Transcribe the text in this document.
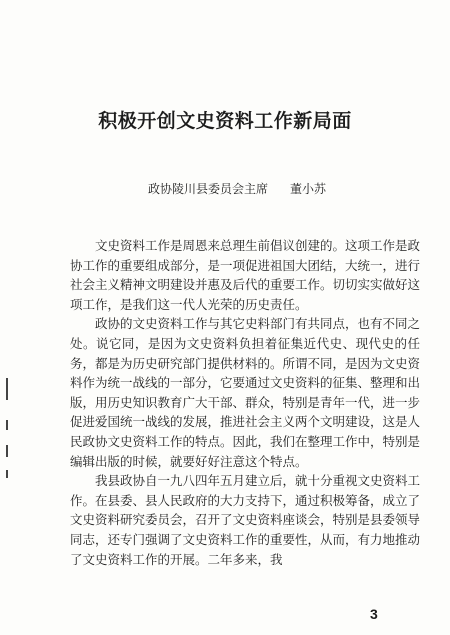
积极开创文史资料工作新局面
政协陵川县委员会主席 董小苏

文史资料工作是周恩来总理生前倡议创建的。这项工作是政协工作的重要组成部分，是一项促进祖国大团结，大统一，进行社会主义精神文明建设并惠及后代的重要工作。切切实实做好这项工作，是我们这一代人光荣的历史责任。

政协的文史资料工作与其它史料部门有共同点，也有不同之处。说它同，是因为文史资料负担着征集近代史、现代史的任务，都是为历史研究部门提供材料的。所谓不同，是因为文史资料作为统一战线的一部分，它要通过文史资料的征集、整理和出版，用历史知识教育广大干部、群众，特别是青年一代，进一步促进爱国统一战线的发展，推进社会主义两个文明建设，这是人民政协文史资料工作的特点。因此，我们在整理工作中，特别是编辑出版的时候，就要好好注意这个特点。

我县政协自一九八四年五月建立后，就十分重视文史资料工作。在县委、县人民政府的大力支持下，通过积极筹备，成立了文史资料研究委员会，召开了文史资料座谈会，特别是县委领导同志，还专门强调了文史资料工作的重要性，从而，有力地推动了文史资料工作的开展。二年多来，我

3
